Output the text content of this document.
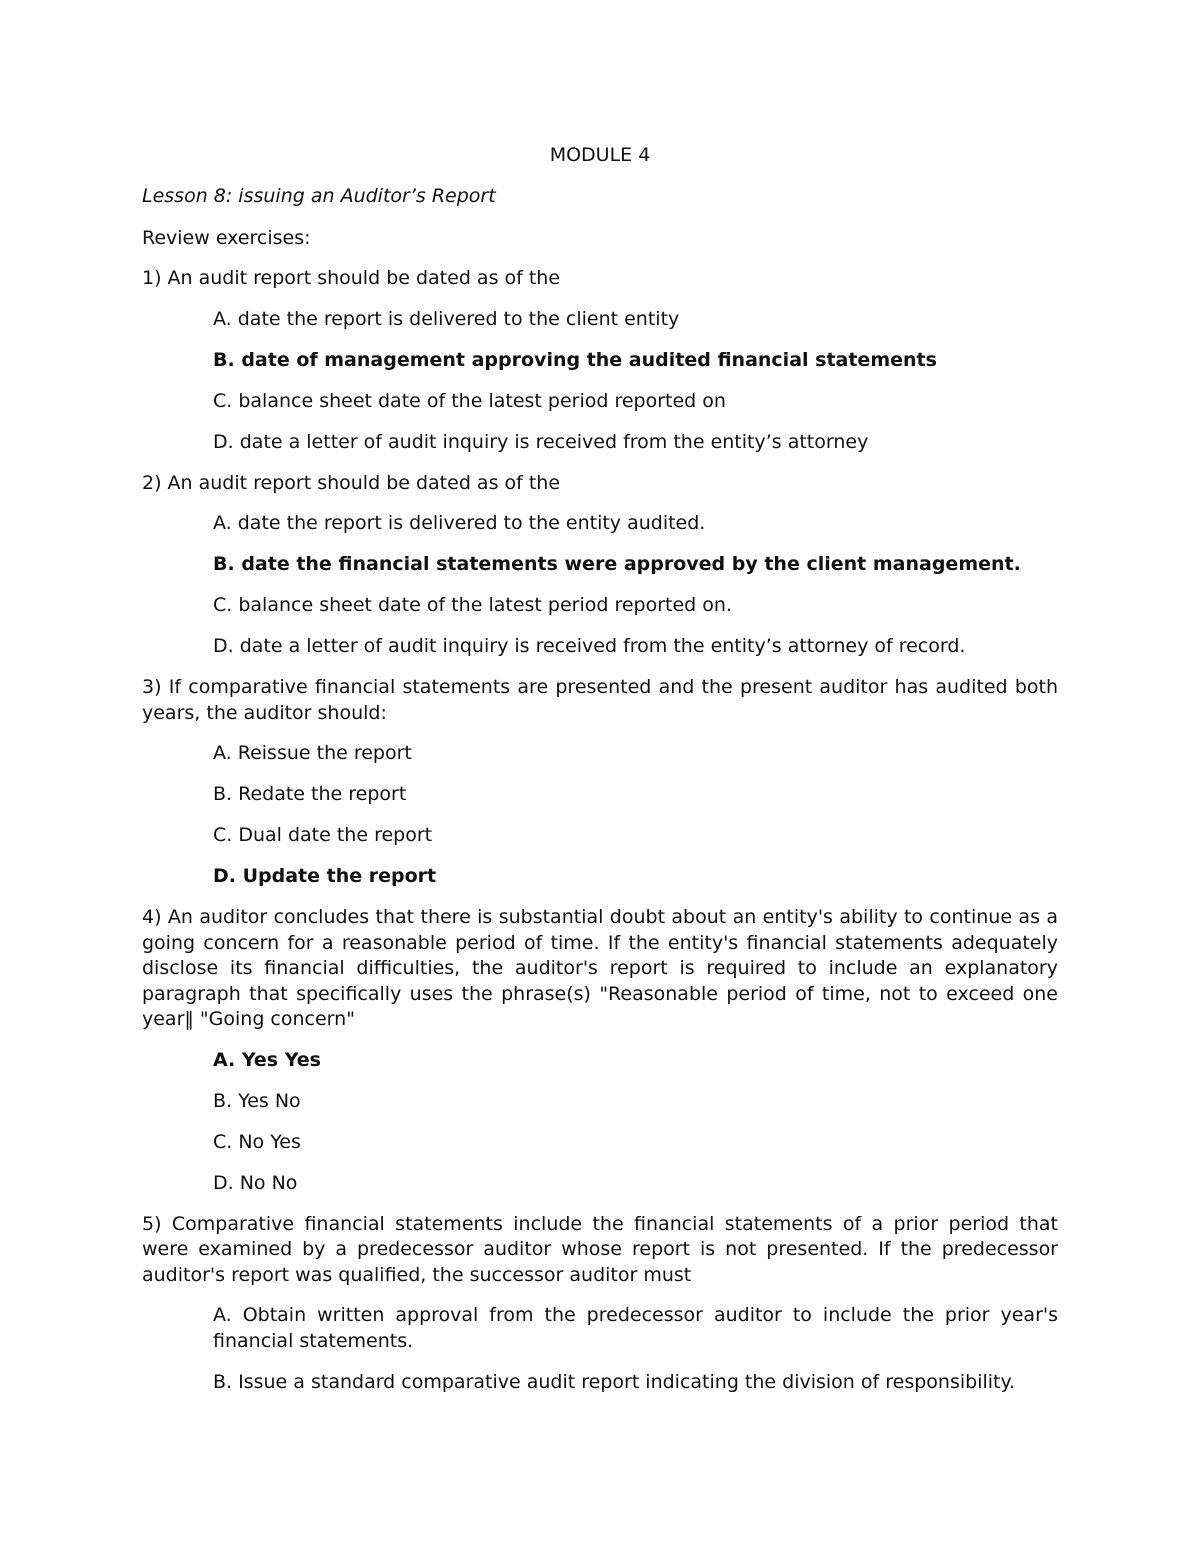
MODULE 4
Lesson 8: issuing an Auditor’s Report
Review exercises:
1) An audit report should be dated as of the
A. date the report is delivered to the client entity
B. date of management approving the audited financial statements
C. balance sheet date of the latest period reported on
D. date a letter of audit inquiry is received from the entity’s attorney
2) An audit report should be dated as of the
A. date the report is delivered to the entity audited.
B. date the financial statements were approved by the client management.
C. balance sheet date of the latest period reported on.
D. date a letter of audit inquiry is received from the entity’s attorney of record.
3) If comparative financial statements are presented and the present auditor has audited both years, the auditor should:
A. Reissue the report
B. Redate the report
C. Dual date the report
D. Update the report
4) An auditor concludes that there is substantial doubt about an entity's ability to continue as a going concern for a reasonable period of time. If the entity's financial statements adequately disclose its financial difficulties, the auditor's report is required to include an explanatory paragraph that specifically uses the phrase(s) "Reasonable period of time, not to exceed one year‖ "Going concern"
A. Yes Yes
B. Yes No
C. No Yes
D. No No
5) Comparative financial statements include the financial statements of a prior period that were examined by a predecessor auditor whose report is not presented. If the predecessor auditor's report was qualified, the successor auditor must
A. Obtain written approval from the predecessor auditor to include the prior year's financial statements.
B. Issue a standard comparative audit report indicating the division of responsibility.
